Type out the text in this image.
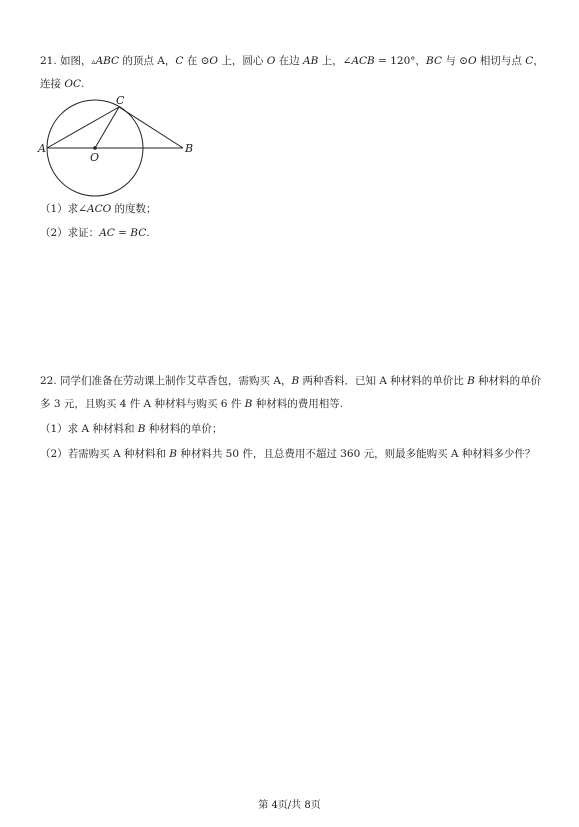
21. 如图，▵ABC 的顶点 A，C 在 ⊙O 上，圆心 O 在边 AB 上，∠ACB = 120°，BC 与 ⊙O 相切与点 C，
连接 OC.
A	B
C
O
（1）求∠ACO 的度数；
（2）求证：AC = BC.
22. 同学们准备在劳动课上制作艾草香包，需购买 A，B 两种香料．已知 A 种材料的单价比 B 种材料的单价
多 3 元，且购买 4 件 A 种材料与购买 6 件 B 种材料的费用相等.
（1）求 A 种材料和 B 种材料的单价；
（2）若需购买 A 种材料和 B 种材料共 50 件，且总费用不超过 360 元，则最多能购买 A 种材料多少件？
第 4页/共 8页
